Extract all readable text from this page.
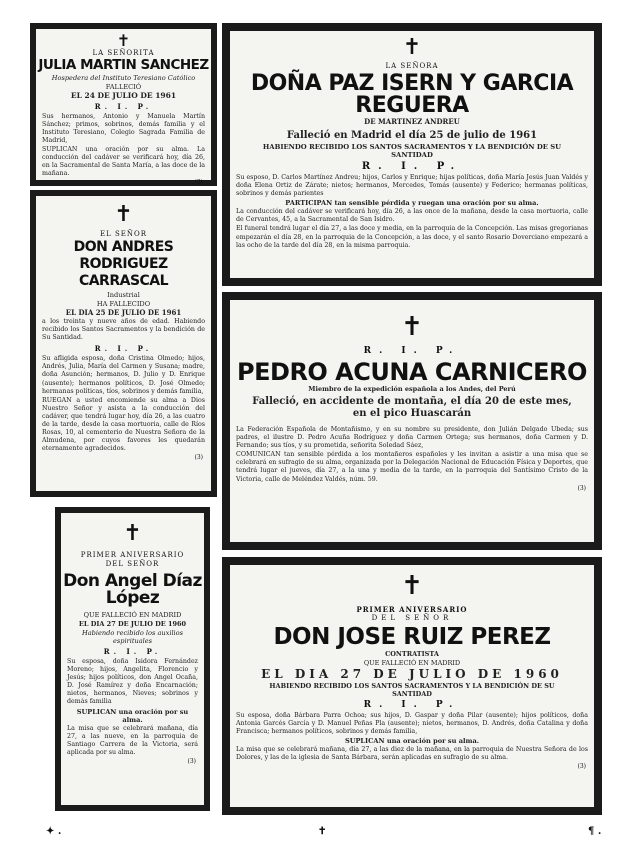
✝
LA SEÑORITA
JULIA MARTIN SANCHEZ
Hospedera del Instituto Teresiano Católico
FALLECIÓ
EL 24 DE JULIO DE 1961
R. I. P.
Sus hermanos, Antonio y Manuela Martín Sánchez; primos, sobrinos, demás familia y el Instituto Teresiano, Colegio Sagrada Familia de Madrid,
SUPLICAN una oración por su alma. La conducción del cadáver se verificará hoy, día 26, en la Sacramental de Santa María, a las doce de la mañana.
(3)
✝
LA SEÑORA
DOÑA PAZ ISERN Y GARCIA REGUERA
DE MARTINEZ ANDREU
Falleció en Madrid el día 25 de julio de 1961
HABIENDO RECIBIDO LOS SANTOS SACRAMENTOS Y LA BENDICIÓN DE SU SANTIDAD
R. I. P.
Su esposo, D. Carlos Martínez Andreu; hijos, Carlos y Enrique; hijas políticas, doña María Jesús Juan Valdés y doña Elena Ortiz de Zárate; nietos; hermanos, Mercedes, Tomás (ausente) y Federico; hermanas políticas, sobrinos y demás parientes
PARTICIPAN tan sensible pérdida y ruegan una oración por su alma.
La conducción del cadáver se verificará hoy, día 26, a las once de la mañana, desde la casa mortuoria, calle de Cervantes, 45, a la Sacramental de San Isidro.
El funeral tendrá lugar el día 27, a las doce y media, en la parroquia de la Concepción. Las misas gregorianas empezarán el día 28, en la parroquia de la Concepción, a las doce, y el santo Rosario Doverciano empezará a las ocho de la tarde del día 28, en la misma parroquia.
✝
EL SEÑOR
DON ANDRES RODRIGUEZ CARRASCAL
Industrial
HA FALLECIDO
EL DIA 25 DE JULIO DE 1961
a los treinta y nueve años de edad. Habiendo recibido los Santos Sacramentos y la bendición de Su Santidad.
R. I. P.
Su afligida esposa, doña Cristina Olmedo; hijos, Andrés, Julia, María del Carmen y Susana; madre, doña Asunción; hermanos, D. Julio y D. Enrique (ausente); hermanos políticos, D. José Olmedo; hermanas políticas, tíos, sobrinos y demás familia,
RUEGAN a usted encomiende su alma a Dios Nuestro Señor y asista a la conducción del cadáver, que tendrá lugar hoy, día 26, a las cuatro de la tarde, desde la casa mortuoria, calle de Ríos Rosas, 10, al cementerio de Nuestra Señora de la Almudena, por cuyos favores les quedarán eternamente agradecidos.
(3)
✝
R. I. P.
PEDRO ACUNA CARNICERO
Miembro de la expedición española a los Andes, del Perú
Falleció, en accidente de montaña, el día 20 de este mes, en el pico Huascarán
La Federación Española de Montañismo, y en su nombre su presidente, don Julián Delgado Ubeda; sus padres, el ilustre D. Pedro Acuña Rodríguez y doña Carmen Ortega; sus hermanos, doña Carmen y D. Fernando; sus tíos, y su prometida, señorita Soledad Sáez,
COMUNICAN tan sensible pérdida a los montañeros españoles y les invitan a asistir a una misa que se celebrará en sufragio de su alma, organizada por la Delegación Nacional de Educación Física y Deportes, que tendrá lugar el jueves, día 27, a la una y media de la tarde, en la parroquia del Santísimo Cristo de la Victoria, calle de Meléndez Valdés, núm. 59.
(3)
✝
PRIMER ANIVERSARIO
DEL SEÑOR
Don Angel Díaz
López
QUE FALLECIÓ EN MADRID
EL DIA 27 DE JULIO DE 1960
Habiendo recibido los auxilios espirituales
R. I. P.
Su esposa, doña Isidora Fernández Moreno; hijos, Angelita, Florencio y Jesús; hijos políticos, don Angel Ocaña, D. José Ramírez y doña Encarnación; nietos, hermanos, Nieves; sobrinos y demás familia
SUPLICAN una oración por su alma.
La misa que se celebrará mañana, día 27, a las nueve, en la parroquia de Santiago Carrera de la Victoria, será aplicada por su alma.
(3)
✝
PRIMER ANIVERSARIO
DEL SEÑOR
DON JOSE RUIZ PEREZ
CONTRATISTA
QUE FALLECIÓ EN MADRID
EL DIA 27 DE JULIO DE 1960
HABIENDO RECIBIDO LOS SANTOS SACRAMENTOS Y LA BENDICIÓN DE SU SANTIDAD
R. I. P.
Su esposa, doña Bárbara Parra Ochoa; sus hijos, D. Gaspar y doña Pilar (ausente); hijos políticos, doña Antonia Garcés García y D. Manuel Peñas Pla (ausente); nietos, hermanos, D. Andrés, doña Catalina y doña Francisca; hermanos políticos, sobrinos y demás familia,
SUPLICAN una oración por su alma.
La misa que se celebrará mañana, día 27, a las diez de la mañana, en la parroquia de Nuestra Señora de los Dolores, y las de la iglesia de Santa Bárbara, serán aplicadas en sufragio de su alma.
(3)
✦ .	✝	¶ .
